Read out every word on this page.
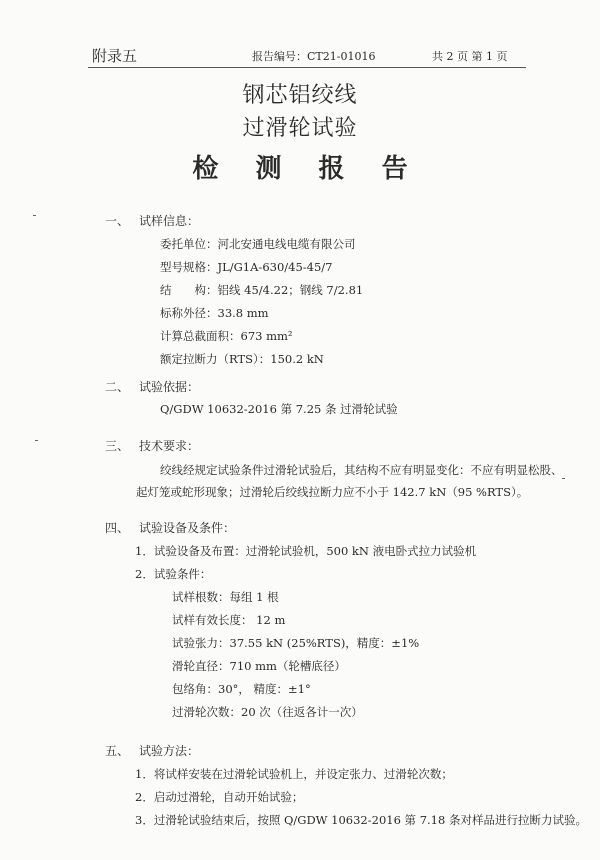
附录五	报告编号：CT21-01016	共 2 页 第 1 页
钢芯铝绞线
过滑轮试验
检 测 报 告
一、 试样信息：
委托单位：河北安通电线电缆有限公司
型号规格：JL/G1A-630/45-45/7
结　　构：铝线 45/4.22；钢线 7/2.81
标称外径：33.8 mm
计算总截面积：673 mm²
额定拉断力（RTS）：150.2 kN
二、 试验依据：
Q/GDW 10632-2016 第 7.25 条 过滑轮试验
三、 技术要求：
绞线经规定试验条件过滑轮试验后，其结构不应有明显变化：不应有明显松股、
起灯笼或蛇形现象；过滑轮后绞线拉断力应不小于 142.7 kN（95 %RTS）。
四、 试验设备及条件：
1．试验设备及布置：过滑轮试验机，500 kN 液电卧式拉力试验机
2．试验条件：
试样根数：每组 1 根
试样有效长度： 12 m
试验张力：37.55 kN (25%RTS)，精度：±1%
滑轮直径：710 mm（轮槽底径）
包络角：30°， 精度：±1°
过滑轮次数：20 次（往返各计一次）
五、 试验方法：
1．将试样安装在过滑轮试验机上，并设定张力、过滑轮次数；
2．启动过滑轮，自动开始试验；
3．过滑轮试验结束后，按照 Q/GDW 10632-2016 第 7.18 条对样品进行拉断力试验。
